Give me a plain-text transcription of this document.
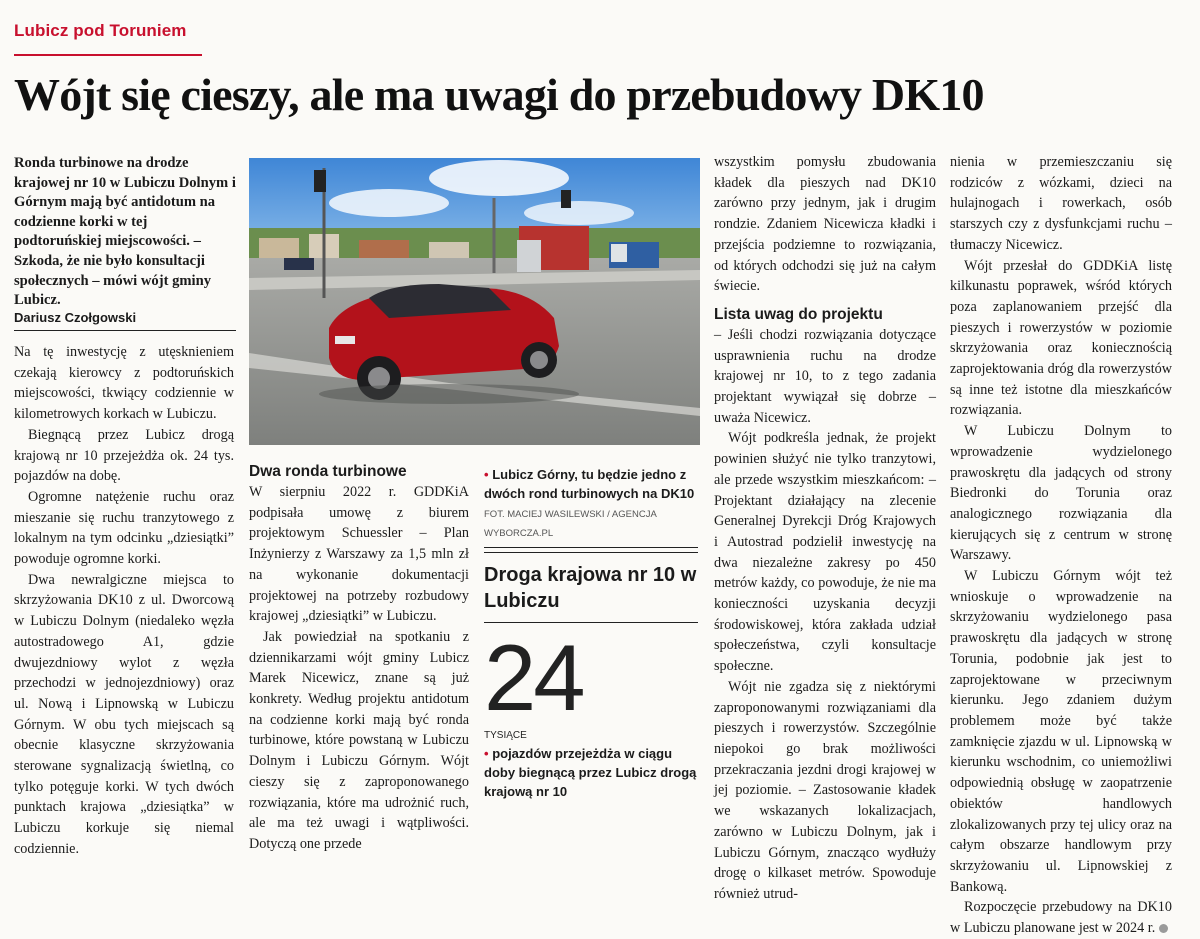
Lubicz pod Toruniem
Wójt się cieszy, ale ma uwagi do przebudowy DK10
Ronda turbinowe na drodze krajowej nr 10 w Lubiczu Dolnym i Górnym mają być antidotum na codzienne korki w tej podtoruńskiej miejscowości. – Szkoda, że nie było konsultacji społecznych – mówi wójt gminy Lubicz.
Dariusz Czołgowski

Na tę inwestycję z utęsknieniem czekają kierowcy z podtoruńskich miejscowości, tkwiący codziennie w kilometrowych korkach w Lubiczu.

Biegnącą przez Lubicz drogą krajową nr 10 przejeżdża ok. 24 tys. pojazdów na dobę.

Ogromne natężenie ruchu oraz mieszanie się ruchu tranzytowego z lokalnym na tym odcinku „dziesiątki” powoduje ogromne korki.

Dwa newralgiczne miejsca to skrzyżowania DK10 z ul. Dworcową w Lubiczu Dolnym (niedaleko węzła autostradowego A1, gdzie dwujezdniowy wylot z węzła przechodzi w jednojezdniowy) oraz ul. Nową i Lipnowską w Lubiczu Górnym. W obu tych miejscach są obecnie klasyczne skrzyżowania sterowane sygnalizacją świetlną, co tylko potęguje korki. W tych dwóch punktach krajowa „dziesiątka” w Lubiczu korkuje się niemal codziennie.

Dwa ronda turbinowe

W sierpniu 2022 r. GDDKiA podpisała umowę z biurem projektowym Schuessler – Plan Inżynierzy z Warszawy za 1,5 mln zł na wykonanie dokumentacji projektowej na potrzeby rozbudowy krajowej „dziesiątki” w Lubiczu.

Jak powiedział na spotkaniu z dziennikarzami wójt gminy Lubicz Marek Nicewicz, znane są już konkrety. Według projektu antidotum na codzienne korki mają być ronda turbinowe, które powstaną w Lubiczu Dolnym i Lubiczu Górnym. Wójt cieszy się z zaproponowanego rozwiązania, które ma udrożnić ruch, ale ma też uwagi i wątpliwości. Dotyczą one przede

• Lubicz Górny, tu będzie jedno z dwóch rond turbinowych na DK10
FOT. MACIEJ WASILEWSKI / AGENCJA WYBORCZA.PL
Droga krajowa nr 10 w Lubiczu
24
TYSIĄCE
• pojazdów przejeżdża w ciągu doby biegnącą przez Lubicz drogą krajową nr 10

wszystkim pomysłu zbudowania kładek dla pieszych nad DK10 zarówno przy jednym, jak i drugim rondzie. Zdaniem Nicewicza kładki i przejścia podziemne to rozwiązania, od których odchodzi się już na całym świecie.

Lista uwag do projektu

– Jeśli chodzi rozwiązania dotyczące usprawnienia ruchu na drodze krajowej nr 10, to z tego zadania projektant wywiązał się dobrze – uważa Nicewicz.

Wójt podkreśla jednak, że projekt powinien służyć nie tylko tranzytowi, ale przede wszystkim mieszkańcom: – Projektant działający na zlecenie Generalnej Dyrekcji Dróg Krajowych i Autostrad podzielił inwestycję na dwa niezależne zakresy po 450 metrów każdy, co powoduje, że nie ma konieczności uzyskania decyzji środowiskowej, która zakłada udział społeczeństwa, czyli konsultacje społeczne.

Wójt nie zgadza się z niektórymi zaproponowanymi rozwiązaniami dla pieszych i rowerzystów. Szczególnie niepokoi go brak możliwości przekraczania jezdni drogi krajowej w jej poziomie. – Zastosowanie kładek we wskazanych lokalizacjach, zarówno w Lubiczu Dolnym, jak i Lubiczu Górnym, znacząco wydłuży drogę o kilkaset metrów. Spowoduje również utrud-

nienia w przemieszczaniu się rodziców z wózkami, dzieci na hulajnogach i rowerkach, osób starszych czy z dysfunkcjami ruchu – tłumaczy Nicewicz.

Wójt przesłał do GDDKiA listę kilkunastu poprawek, wśród których poza zaplanowaniem przejść dla pieszych i rowerzystów w poziomie skrzyżowania oraz koniecznością zaprojektowania dróg dla rowerzystów są inne też istotne dla mieszkańców rozwiązania.

W Lubiczu Dolnym to wprowadzenie wydzielonego prawoskrętu dla jadących od strony Biedronki do Torunia oraz analogicznego rozwiązania dla kierujących się z centrum w stronę Warszawy.

W Lubiczu Górnym wójt też wnioskuje o wprowadzenie na skrzyżowaniu wydzielonego pasa prawoskrętu dla jadących w stronę Torunia, podobnie jak jest to zaprojektowane w przeciwnym kierunku. Jego zdaniem dużym problemem może być także zamknięcie zjazdu w ul. Lipnowską w kierunku wschodnim, co uniemożliwi odpowiednią obsługę w zaopatrzenie obiektów handlowych zlokalizowanych przy tej ulicy oraz na całym obszarze handlowym przy skrzyżowaniu ul. Lipnowskiej z Bankową.

Rozpoczęcie przebudowy na DK10 w Lubiczu planowane jest w 2024 r.
